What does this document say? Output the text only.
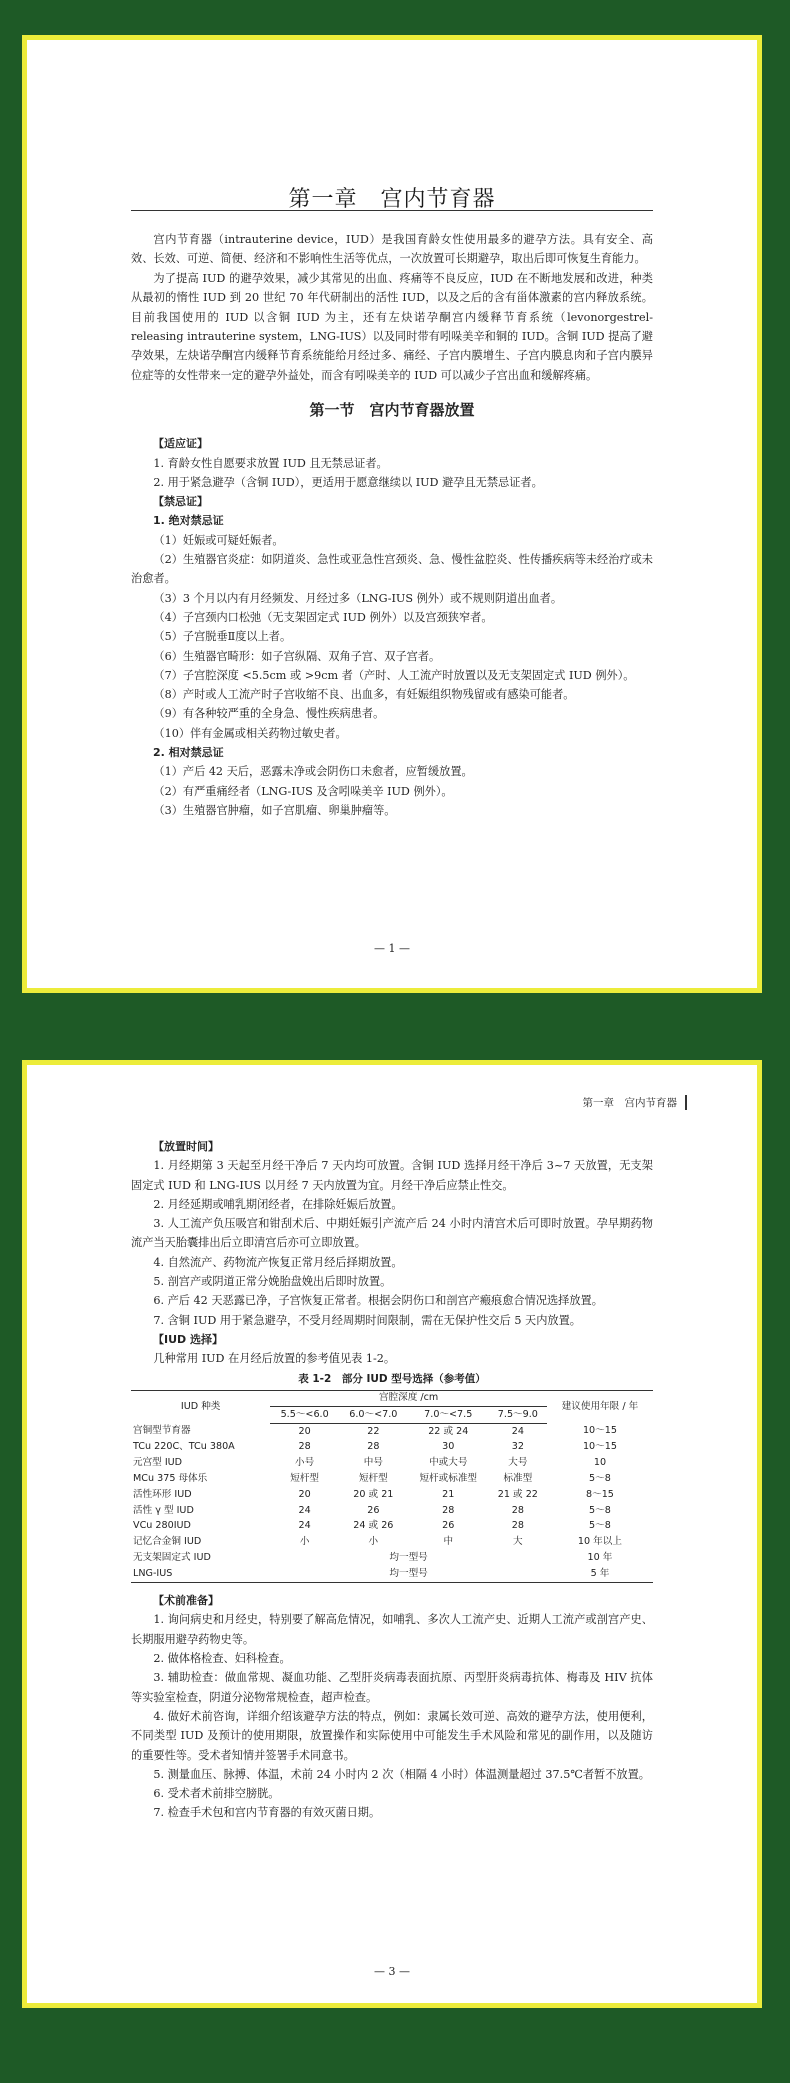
第一章　宫内节育器

宫内节育器（intrauterine device，IUD）是我国育龄女性使用最多的避孕方法。具有安全、高效、长效、可逆、简便、经济和不影响性生活等优点，一次放置可长期避孕，取出后即可恢复生育能力。

为了提高 IUD 的避孕效果，减少其常见的出血、疼痛等不良反应，IUD 在不断地发展和改进，种类从最初的惰性 IUD 到 20 世纪 70 年代研制出的活性 IUD，以及之后的含有甾体激素的宫内释放系统。目前我国使用的 IUD 以含铜 IUD 为主，还有左炔诺孕酮宫内缓释节育系统（levonorgestrel-releasing intrauterine system，LNG-IUS）以及同时带有吲哚美辛和铜的 IUD。含铜 IUD 提高了避孕效果，左炔诺孕酮宫内缓释节育系统能给月经过多、痛经、子宫内膜增生、子宫内膜息肉和子宫内膜异位症等的女性带来一定的避孕外益处，而含有吲哚美辛的 IUD 可以减少子宫出血和缓解疼痛。

第一节　宫内节育器放置

【适应证】

1. 育龄女性自愿要求放置 IUD 且无禁忌证者。

2. 用于紧急避孕（含铜 IUD），更适用于愿意继续以 IUD 避孕且无禁忌证者。

【禁忌证】

1. 绝对禁忌证

（1）妊娠或可疑妊娠者。

（2）生殖器官炎症：如阴道炎、急性或亚急性宫颈炎、急、慢性盆腔炎、性传播疾病等未经治疗或未治愈者。

（3）3 个月以内有月经频发、月经过多（LNG-IUS 例外）或不规则阴道出血者。

（4）子宫颈内口松弛（无支架固定式 IUD 例外）以及宫颈狭窄者。

（5）子宫脱垂Ⅱ度以上者。

（6）生殖器官畸形：如子宫纵隔、双角子宫、双子宫者。

（7）子宫腔深度 <5.5cm 或 >9cm 者（产时、人工流产时放置以及无支架固定式 IUD 例外）。

（8）产时或人工流产时子宫收缩不良、出血多，有妊娠组织物残留或有感染可能者。

（9）有各种较严重的全身急、慢性疾病患者。

（10）伴有金属或相关药物过敏史者。

2. 相对禁忌证

（1）产后 42 天后，恶露未净或会阴伤口未愈者，应暂缓放置。

（2）有严重痛经者（LNG-IUS 及含吲哚美辛 IUD 例外）。

（3）生殖器官肿瘤，如子宫肌瘤、卵巢肿瘤等。

— 1 —
第一章　宫内节育器

【放置时间】

1. 月经期第 3 天起至月经干净后 7 天内均可放置。含铜 IUD 选择月经干净后 3~7 天放置，无支架固定式 IUD 和 LNG-IUS 以月经 7 天内放置为宜。月经干净后应禁止性交。

2. 月经延期或哺乳期闭经者，在排除妊娠后放置。

3. 人工流产负压吸宫和钳刮术后、中期妊娠引产流产后 24 小时内清宫术后可即时放置。孕早期药物流产当天胎囊排出后立即清宫后亦可立即放置。

4. 自然流产、药物流产恢复正常月经后择期放置。

5. 剖宫产或阴道正常分娩胎盘娩出后即时放置。

6. 产后 42 天恶露已净，子宫恢复正常者。根据会阴伤口和剖宫产瘢痕愈合情况选择放置。

7. 含铜 IUD 用于紧急避孕，不受月经周期时间限制，需在无保护性交后 5 天内放置。

【IUD 选择】

几种常用 IUD 在月经后放置的参考值见表 1-2。

表 1-2　部分 IUD 型号选择（参考值）
IUD 种类	宫腔深度 /cm				建议使用年限 / 年
	5.5～<6.0	6.0～<7.0	7.0～<7.5	7.5～9.0	
宫铜型节育器	20	22	22 或 24	24	10～15
TCu 220C、TCu 380A	28	28	30	32	10～15
元宫型 IUD	小号	中号	中或大号	大号	10
MCu 375 母体乐	短杆型	短杆型	短杆或标准型	标准型	5～8
活性环形 IUD	20	20 或 21	21	21 或 22	8～15
活性 γ 型 IUD	24	26	28	28	5～8
VCu 280IUD	24	24 或 26	26	28	5～8
记忆合金铜 IUD	小	小	中	大	10 年以上
无支架固定式 IUD	均一型号				10 年
LNG-IUS	均一型号				5 年

【术前准备】

1. 询问病史和月经史，特别要了解高危情况，如哺乳、多次人工流产史、近期人工流产或剖宫产史、长期服用避孕药物史等。

2. 做体格检查、妇科检查。

3. 辅助检查：做血常规、凝血功能、乙型肝炎病毒表面抗原、丙型肝炎病毒抗体、梅毒及 HIV 抗体等实验室检查，阴道分泌物常规检查，超声检查。

4. 做好术前咨询，详细介绍该避孕方法的特点，例如：隶属长效可逆、高效的避孕方法，使用便利，不同类型 IUD 及预计的使用期限，放置操作和实际使用中可能发生手术风险和常见的副作用，以及随访的重要性等。受术者知情并签署手术同意书。

5. 测量血压、脉搏、体温，术前 24 小时内 2 次（相隔 4 小时）体温测量超过 37.5℃者暂不放置。

6. 受术者术前排空膀胱。

7. 检查手术包和宫内节育器的有效灭菌日期。

— 3 —
